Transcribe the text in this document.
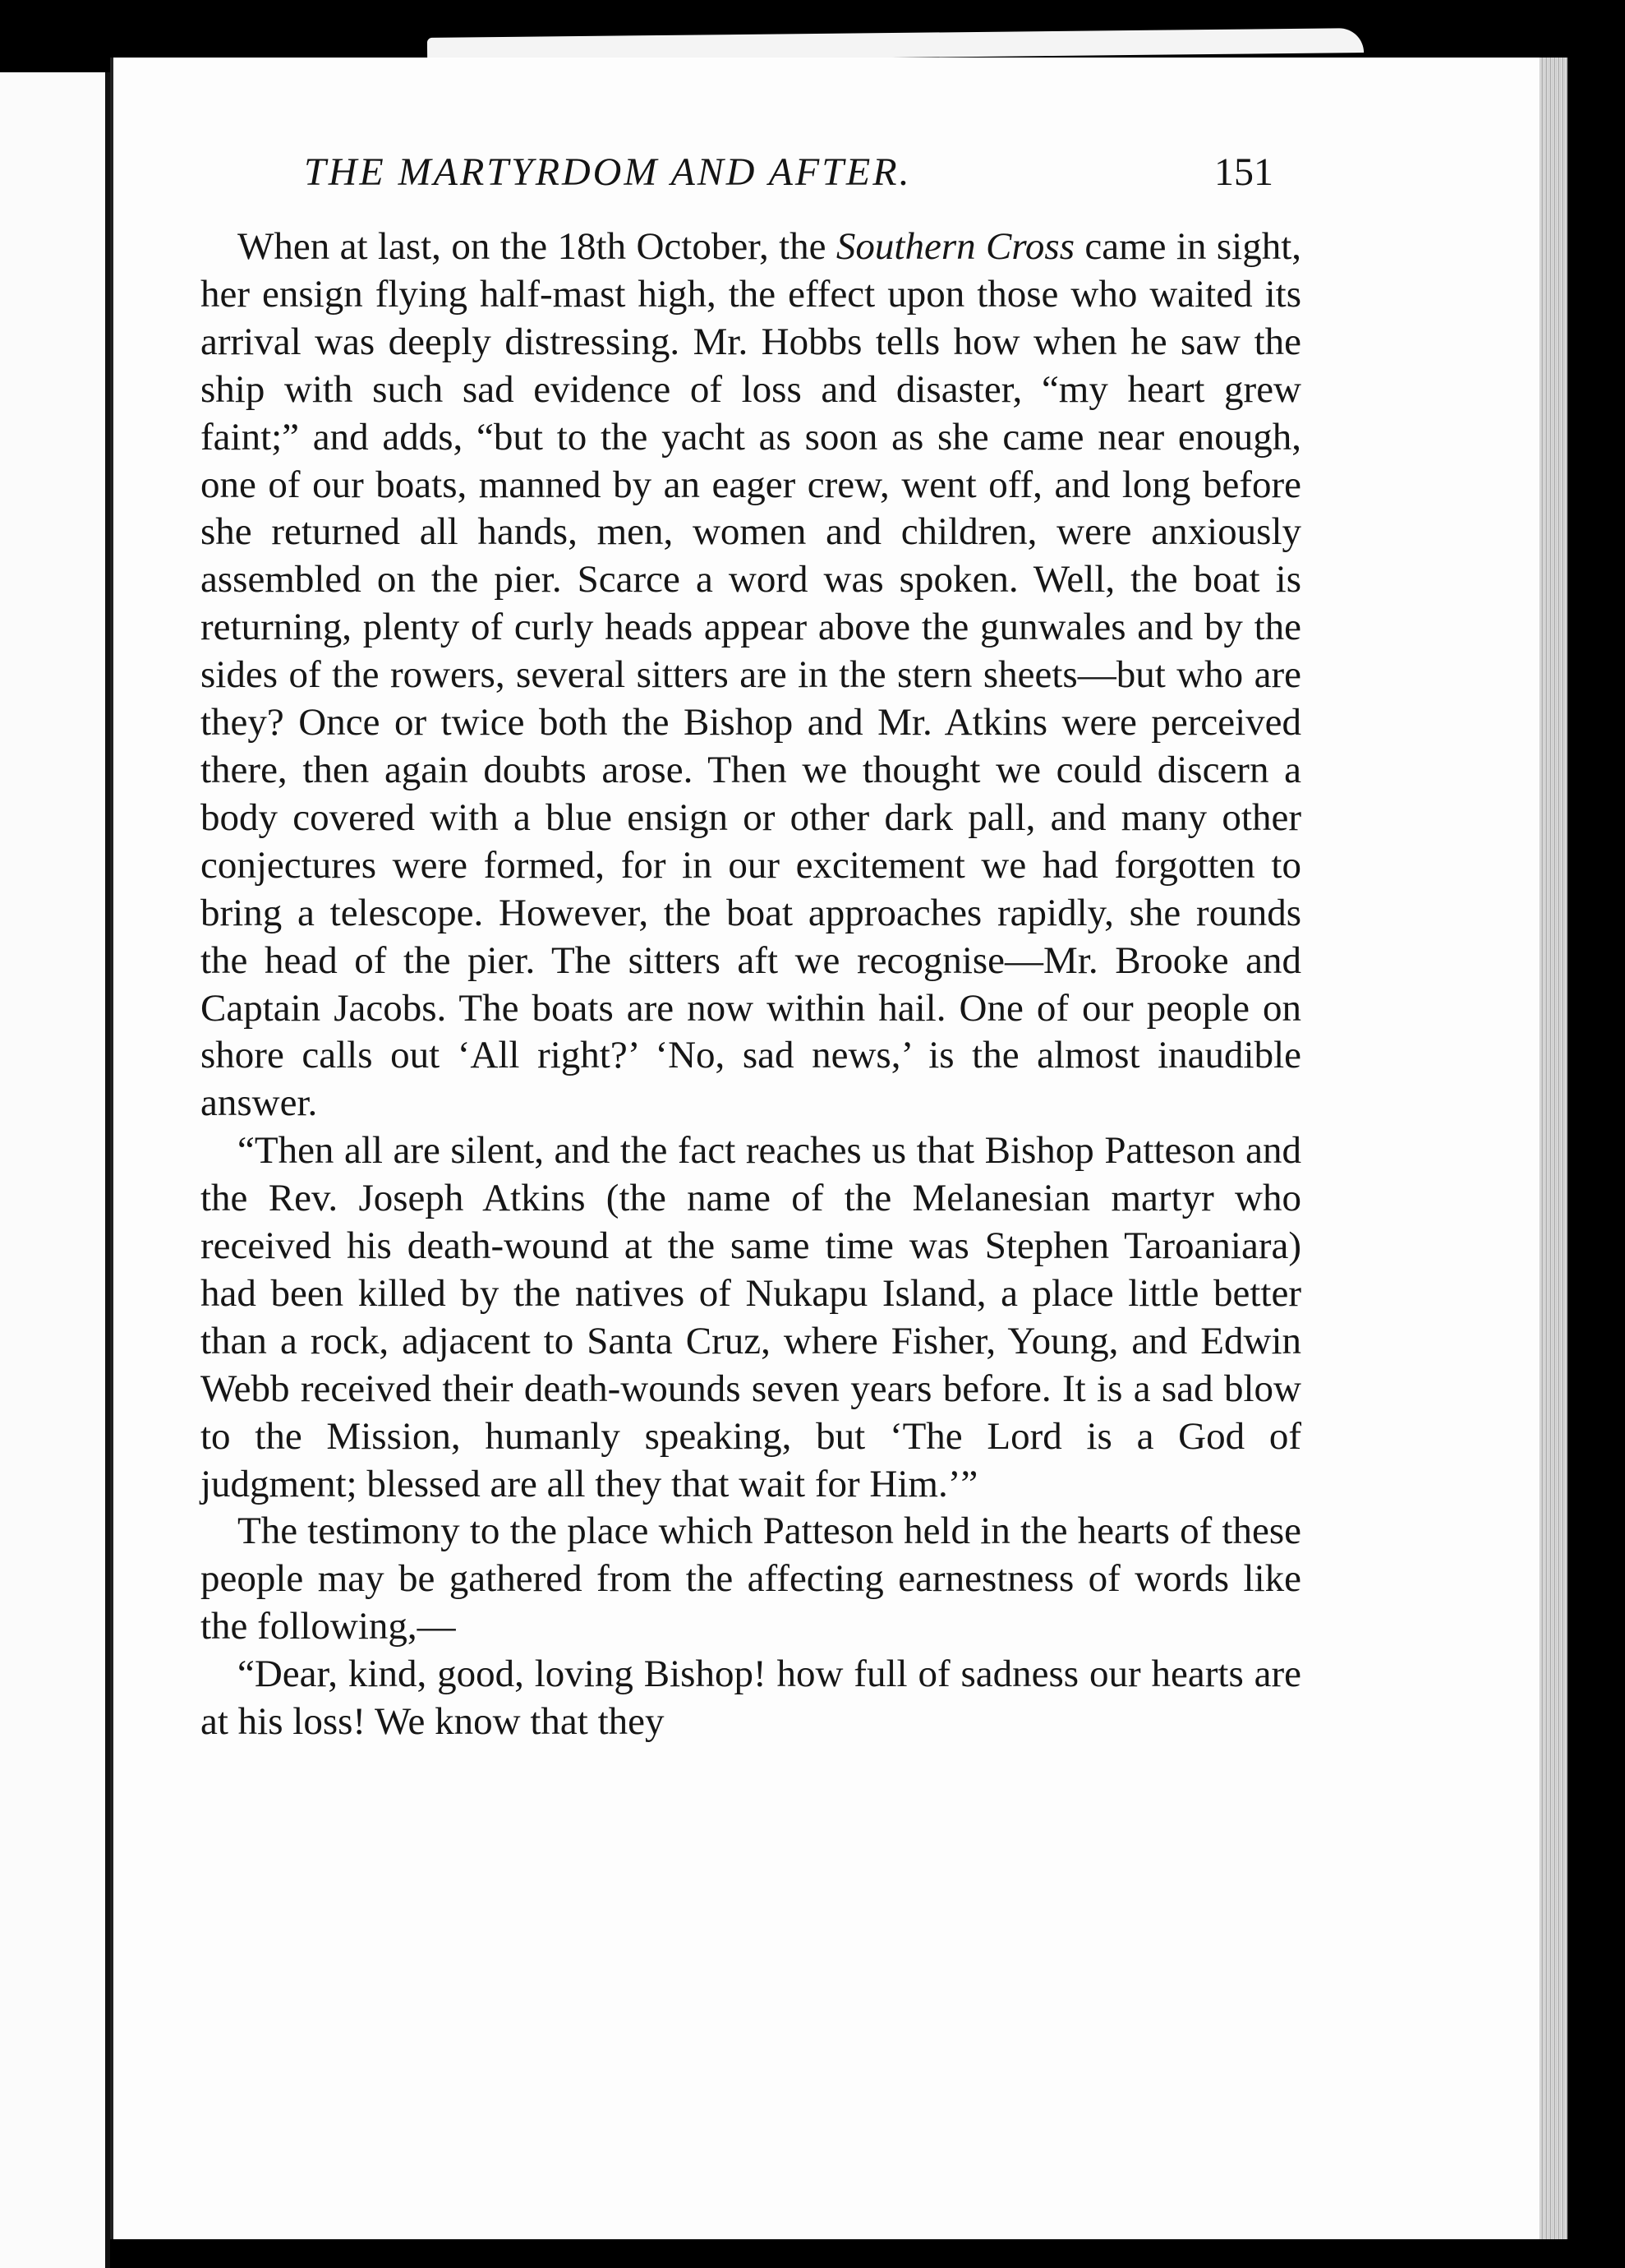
THE MARTYRDOM AND AFTER.	151

When at last, on the 18th October, the Southern Cross came in sight, her ensign flying half-mast high, the effect upon those who waited its arrival was deeply distressing. Mr. Hobbs tells how when he saw the ship with such sad evidence of loss and disaster, “my heart grew faint;” and adds, “but to the yacht as soon as she came near enough, one of our boats, manned by an eager crew, went off, and long before she returned all hands, men, women and children, were anxiously assembled on the pier. Scarce a word was spoken. Well, the boat is returning, plenty of curly heads appear above the gunwales and by the sides of the rowers, several sitters are in the stern sheets—but who are they? Once or twice both the Bishop and Mr. Atkins were perceived there, then again doubts arose. Then we thought we could discern a body covered with a blue ensign or other dark pall, and many other conjectures were formed, for in our excitement we had forgotten to bring a telescope. However, the boat approaches rapidly, she rounds the head of the pier. The sitters aft we recognise—Mr. Brooke and Captain Jacobs. The boats are now within hail. One of our people on shore calls out ‘All right?’ ‘No, sad news,’ is the almost inaudible answer.

“Then all are silent, and the fact reaches us that Bishop Patteson and the Rev. Joseph Atkins (the name of the Melanesian martyr who received his death-wound at the same time was Stephen Taroaniara) had been killed by the natives of Nukapu Island, a place little better than a rock, adjacent to Santa Cruz, where Fisher, Young, and Edwin Webb received their death-wounds seven years before. It is a sad blow to the Mission, humanly speaking, but ‘The Lord is a God of judgment; blessed are all they that wait for Him.’”

The testimony to the place which Patteson held in the hearts of these people may be gathered from the affecting earnestness of words like the following,—

“Dear, kind, good, loving Bishop! how full of sadness our hearts are at his loss! We know that they
